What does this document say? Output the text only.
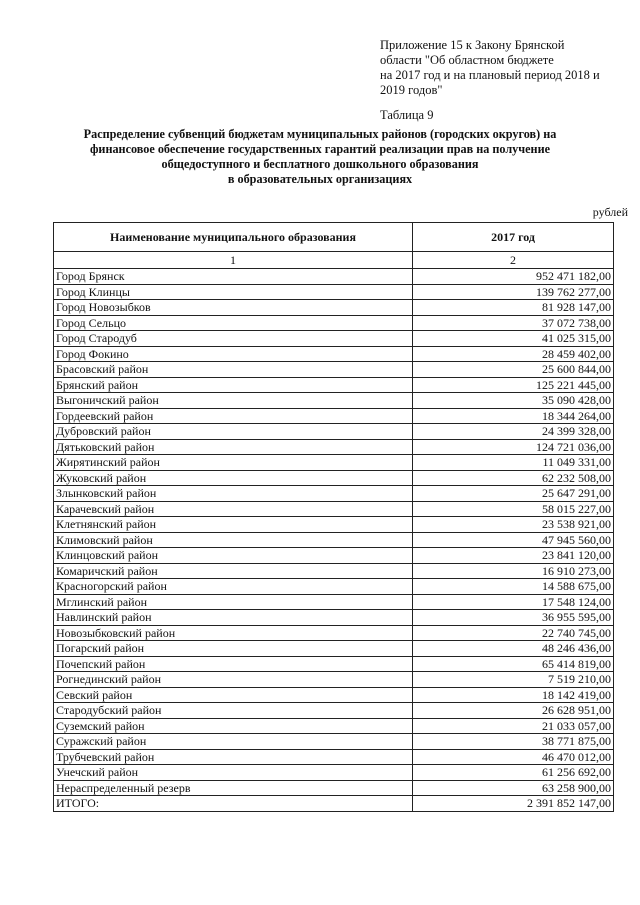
Приложение 15 к Закону Брянской
области "Об областном бюджете
на 2017 год и на плановый период 2018 и
2019 годов"
Таблица 9
Распределение субвенций бюджетам муниципальных районов (городских округов) на
финансовое обеспечение государственных гарантий реализации прав на получение
общедоступного и бесплатного дошкольного образования
в образовательных организациях
рублей
Наименование муниципального образования	2017 год
1	2
Город Брянск	952 471 182,00
Город Клинцы	139 762 277,00
Город Новозыбков	81 928 147,00
Город Сельцо	37 072 738,00
Город Стародуб	41 025 315,00
Город Фокино	28 459 402,00
Брасовский район	25 600 844,00
Брянский район	125 221 445,00
Выгоничский район	35 090 428,00
Гордеевский район	18 344 264,00
Дубровский район	24 399 328,00
Дятьковский район	124 721 036,00
Жирятинский район	11 049 331,00
Жуковский район	62 232 508,00
Злынковский район	25 647 291,00
Карачевский район	58 015 227,00
Клетнянский район	23 538 921,00
Климовский район	47 945 560,00
Клинцовский район	23 841 120,00
Комаричский район	16 910 273,00
Красногорский район	14 588 675,00
Мглинский район	17 548 124,00
Навлинский район	36 955 595,00
Новозыбковский район	22 740 745,00
Погарский район	48 246 436,00
Почепский район	65 414 819,00
Рогнединский район	7 519 210,00
Севский район	18 142 419,00
Стародубский район	26 628 951,00
Суземский район	21 033 057,00
Суражский район	38 771 875,00
Трубчевский район	46 470 012,00
Унечский район	61 256 692,00
Нераспределенный резерв	63 258 900,00
ИТОГО:	2 391 852 147,00
